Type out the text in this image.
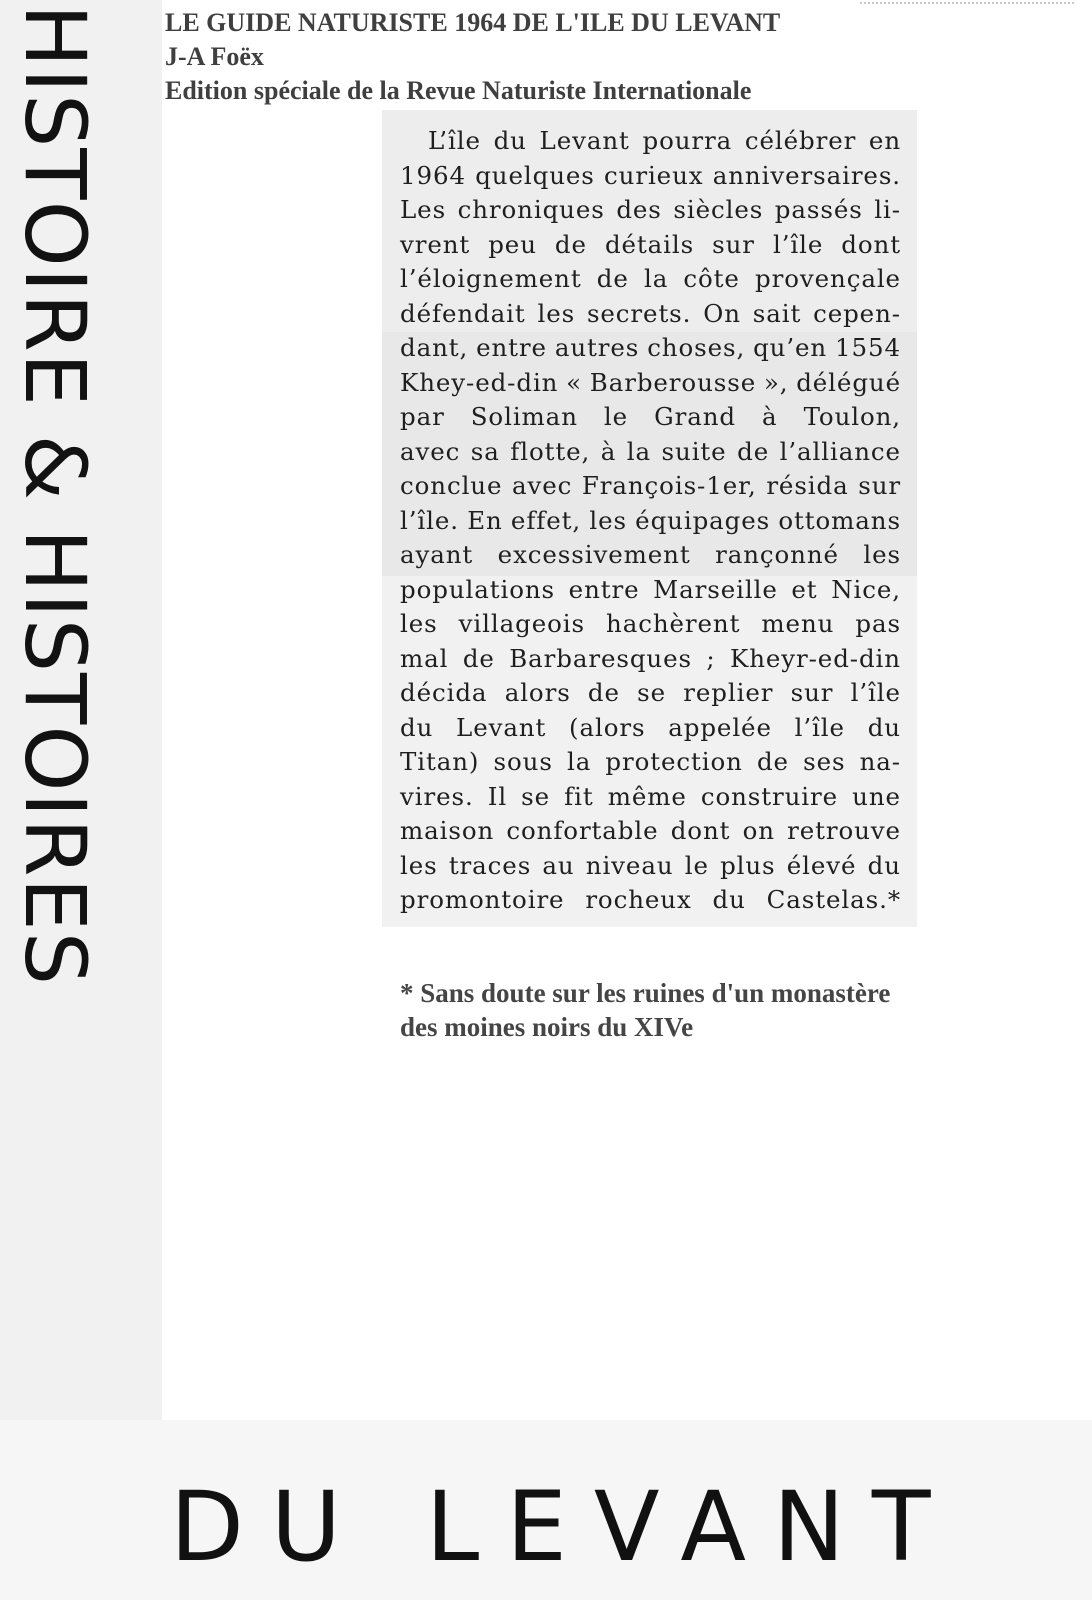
HISTOIRE & HISTOIRES LE GUIDE NATURISTE 1964 DE L'ILE DU LEVANT
J-A Foëx
Edition spéciale de la Revue Naturiste Internationale
L’île du Levant pourra célébrer en
1964 quelques curieux anniversaires.
Les chroniques des siècles passés li-
vrent peu de détails sur l’île dont
l’éloignement de la côte provençale
défendait les secrets. On sait cepen-
dant, entre autres choses, qu’en 1554
Khey-ed-din « Barberousse », délégué
par Soliman le Grand à Toulon,
avec sa flotte, à la suite de l’alliance
conclue avec François-1er, résida sur
l’île. En effet, les équipages ottomans
ayant excessivement rançonné les
populations entre Marseille et Nice,
les villageois hachèrent menu pas
mal de Barbaresques ; Kheyr-ed-din
décida alors de se replier sur l’île
du Levant (alors appelée l’île du
Titan) sous la protection de ses na-
vires. Il se fit même construire une
maison confortable dont on retrouve
les traces au niveau le plus élevé du
promontoire rocheux du Castelas.*
* Sans doute sur les ruines d'un monastère
des moines noirs du XIVe
DU LEVANT
